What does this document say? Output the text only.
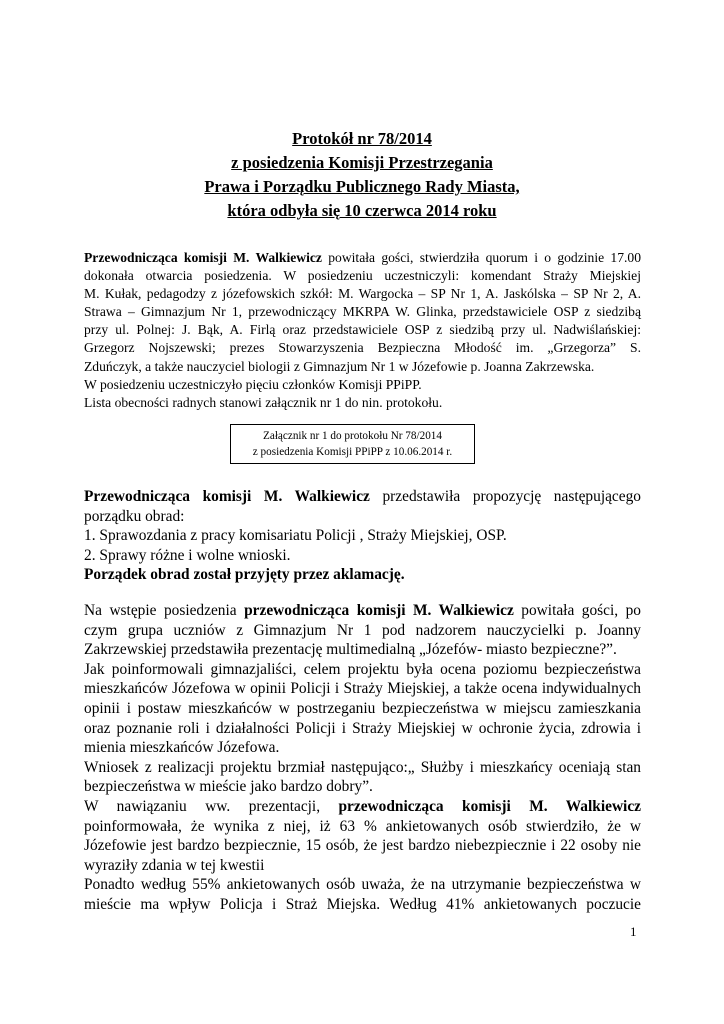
Protokół nr 78/2014
z posiedzenia Komisji Przestrzegania
Prawa i Porządku Publicznego Rady Miasta,
która odbyła się 10 czerwca 2014 roku
Przewodnicząca komisji M. Walkiewicz powitała gości, stwierdziła quorum i o godzinie 17.00
dokonała otwarcia posiedzenia. W posiedzeniu uczestniczyli: komendant Straży Miejskiej
M. Kułak, pedagodzy z józefowskich szkół: M. Wargocka – SP Nr 1, A. Jaskólska – SP Nr 2, A.
Strawa – Gimnazjum Nr 1, przewodniczący MKRPA W. Glinka, przedstawiciele OSP z siedzibą
przy ul. Polnej: J. Bąk, A. Firlą oraz przedstawiciele OSP z siedzibą przy ul. Nadwiślańskiej:
Grzegorz Nojszewski; prezes Stowarzyszenia Bezpieczna Młodość im. „Grzegorza” S.
Zduńczyk, a także nauczyciel biologii z Gimnazjum Nr 1 w Józefowie p. Joanna Zakrzewska.
W posiedzeniu uczestniczyło pięciu członków Komisji PPiPP.
Lista obecności radnych stanowi załącznik nr 1 do nin. protokołu.
Załącznik nr 1 do protokołu Nr 78/2014
z posiedzenia Komisji PPiPP z 10.06.2014 r.
Przewodnicząca komisji M. Walkiewicz przedstawiła propozycję następującego
porządku obrad:
1. Sprawozdania z pracy komisariatu Policji , Straży Miejskiej, OSP.
2. Sprawy różne i wolne wnioski.
Porządek obrad został przyjęty przez aklamację.
Na wstępie posiedzenia przewodnicząca komisji M. Walkiewicz powitała gości, po
czym grupa uczniów z Gimnazjum Nr 1 pod nadzorem nauczycielki p. Joanny
Zakrzewskiej przedstawiła prezentację multimedialną „Józefów- miasto bezpieczne?”.
Jak poinformowali gimnazjaliści, celem projektu była ocena poziomu bezpieczeństwa
mieszkańców Józefowa w opinii Policji i Straży Miejskiej, a także ocena indywidualnych
opinii i postaw mieszkańców w postrzeganiu bezpieczeństwa w miejscu zamieszkania
oraz poznanie roli i działalności Policji i Straży Miejskiej w ochronie życia, zdrowia i
mienia mieszkańców Józefowa.
Wniosek z realizacji projektu brzmiał następująco:„ Służby i mieszkańcy oceniają stan
bezpieczeństwa w mieście jako bardzo dobry”.
W nawiązaniu ww. prezentacji, przewodnicząca komisji M. Walkiewicz
poinformowała, że wynika z niej, iż 63 % ankietowanych osób stwierdziło, że w
Józefowie jest bardzo bezpiecznie, 15 osób, że jest bardzo niebezpiecznie i 22 osoby nie
wyraziły zdania w tej kwestii
Ponadto według 55% ankietowanych osób uważa, że na utrzymanie bezpieczeństwa w
mieście ma wpływ Policja i Straż Miejska. Według 41% ankietowanych poczucie
1
